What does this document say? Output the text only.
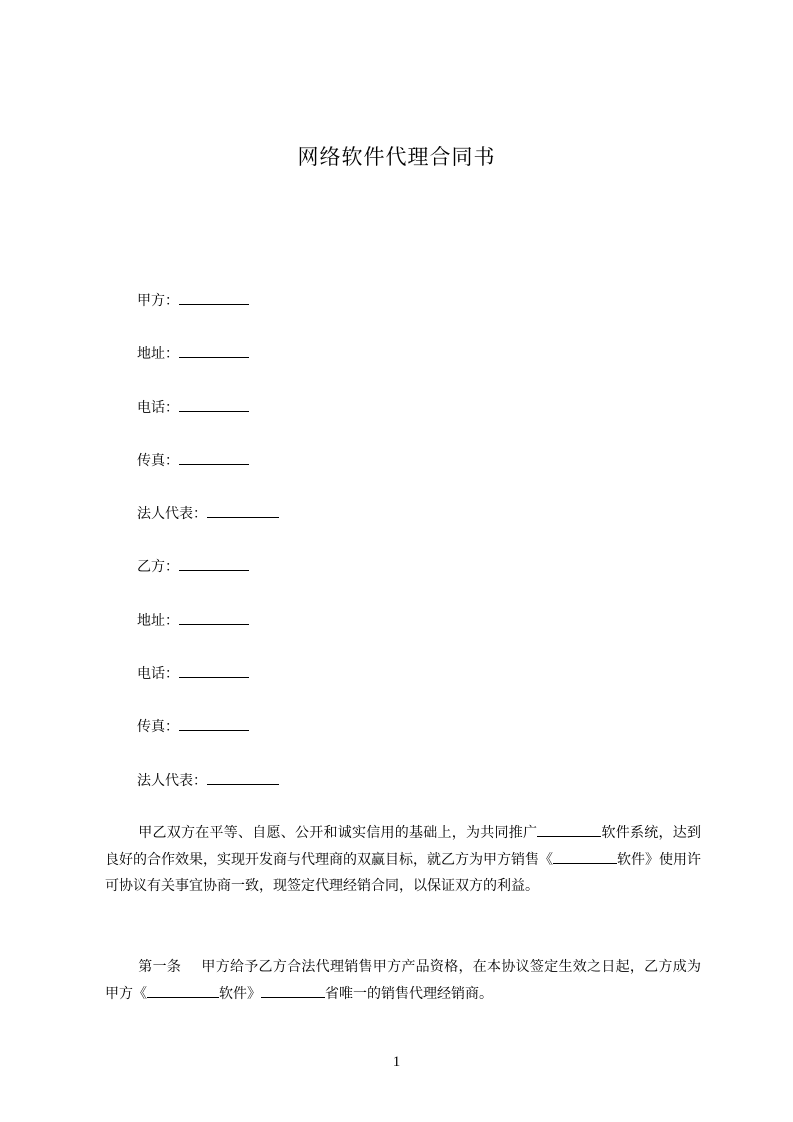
网络软件代理合同书
甲方：
地址：
电话：
传真：
法人代表：
乙方：
地址：
电话：
传真：
法人代表：
甲乙双方在平等、自愿、公开和诚实信用的基础上，为共同推广	软件系统，达到良好的合作效果，实现开发商与代理商的双赢目标，就乙方为甲方销售《	软件》使用许可协议有关事宜协商一致，现签定代理经销合同，以保证双方的利益。
第一条 甲方给予乙方合法代理销售甲方产品资格，在本协议签定生效之日起，乙方成为甲方《	软件》	省唯一的销售代理经销商。
1
